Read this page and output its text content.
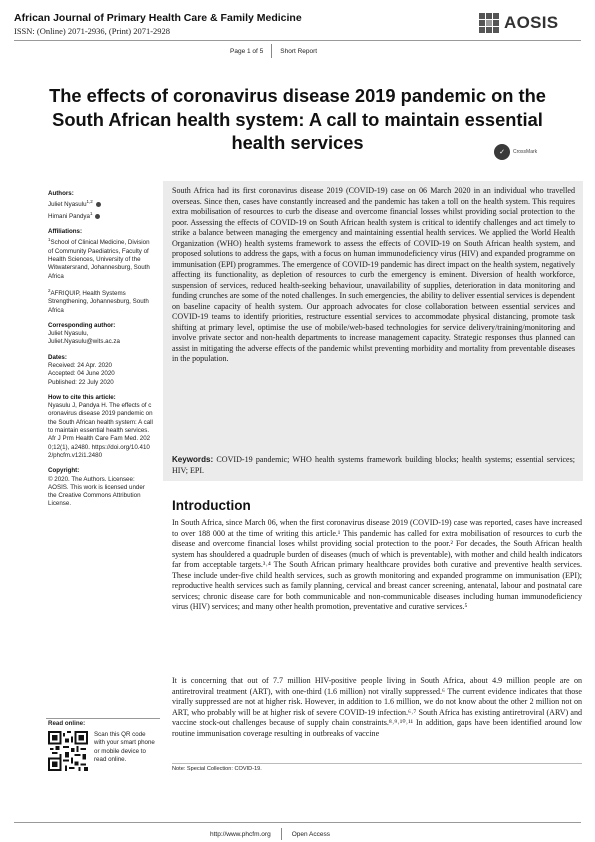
African Journal of Primary Health Care & Family Medicine
ISSN: (Online) 2071-2936, (Print) 2071-2928	AOSIS
Page 1 of 5	Short Report
The effects of coronavirus disease 2019 pandemic on the South African health system: A call to maintain essential health services	✓	CrossMark
Authors:
Juliet Nyasulu$^{1,2}$
Himani Pandya$^1$
Affiliations:
$^1$School of Clinical Medicine, Division of Community Paediatrics, Faculty of Health Sciences, University of the Witwatersrand, Johannesburg, South Africa
$^2$AFRIQUIP, Health Systems Strengthening, Johannesburg, South Africa
Corresponding author:
Juliet Nyasulu,
Juliet.Nyasulu@wits.ac.za
Dates:
Received: 24 Apr. 2020
Accepted: 04 June 2020
Published: 22 July 2020
How to cite this article:
Nyasulu J, Pandya H. The effects of coronavirus disease 2019 pandemic on the South African health system: A call to maintain essential health services. Afr J Prm Health Care Fam Med. 2020;12(1), a2480. https://doi.org/10.4102/phcfm.v12i1.2480
Copyright:
© 2020. The Authors. Licensee: AOSIS. This work is licensed under the Creative Commons Attribution License.
South Africa had its first coronavirus disease 2019 (COVID-19) case on 06 March 2020 in an individual who travelled overseas. Since then, cases have constantly increased and the pandemic has taken a toll on the health system. This requires extra mobilisation of resources to curb the disease and overcome financial losses whilst providing social protection to the poor. Assessing the effects of COVID-19 on South African health system is critical to identify challenges and act timely to strike a balance between managing the emergency and maintaining essential health services. We applied the World Health Organization (WHO) health systems framework to assess the effects of COVID-19 on South African health system, and proposed solutions to address the gaps, with a focus on human immunodeficiency virus (HIV) and expanded programme on immunisation (EPI) programmes. The emergence of COVID-19 pandemic has direct impact on the health system, negatively affecting its functionality, as depletion of resources to curb the emergency is eminent. Diversion of health workforce, suspension of services, reduced health-seeking behaviour, unavailability of supplies, deterioration in data monitoring and funding crunches are some of the noted challenges. In such emergencies, the ability to deliver essential services is dependent on baseline capacity of health system. Our approach advocates for close collaboration between essential services and COVID-19 teams to identify priorities, restructure essential services to accommodate physical distancing, promote task shifting at primary level, optimise the use of mobile/web-based technologies for service delivery/training/monitoring and involve private sector and non-health departments to increase management capacity. Strategic responses thus planned can assist in mitigating the adverse effects of the pandemic whilst preventing morbidity and mortality from preventable diseases in the population.
Keywords: COVID-19 pandemic; WHO health systems framework building blocks; health systems; essential services; HIV; EPI.
Introduction
In South Africa, since March 06, when the first coronavirus disease 2019 (COVID-19) case was reported, cases have increased to over 188 000 at the time of writing this article.¹ This pandemic has called for extra mobilisation of resources to curb the disease and overcome financial loses whilst providing social protection to the poor.² For decades, the South African health system has shouldered a quadruple burden of diseases (much of which is preventable), with mother and child health indicators far from acceptable targets.³˒⁴ The South African primary healthcare provides both curative and preventive health services. These include under-five child health services, such as growth monitoring and expanded programme on immunisation (EPI); reproductive health services such as family planning, cervical and breast cancer screening, antenatal, labour and postnatal care services; chronic disease care for both communicable and non-communicable diseases including human immunodeficiency virus (HIV) services; and many other health promotion, preventative and curative services.⁵
It is concerning that out of 7.7 million HIV-positive people living in South Africa, about 4.9 million people are on antiretroviral treatment (ART), with one-third (1.6 million) not virally suppressed.⁶ The current evidence indicates that those virally suppressed are not at higher risk. However, in addition to 1.6 million, we do not know about the other 2 million not on ART, who probably will be at higher risk of severe COVID-19 infection.⁶˒⁷ South Africa has existing antiretroviral (ARV) and vaccine stock-out challenges because of supply chain constraints.⁸˒⁹˒¹⁰˒¹¹ In addition, gaps have been identified around low routine immunisation coverage resulting in outbreaks of vaccine
Read online:
Scan this QR code with your smart phone or mobile device to read online.
Note: Special Collection: COVID-19.
http://www.phcfm.org	Open Access
